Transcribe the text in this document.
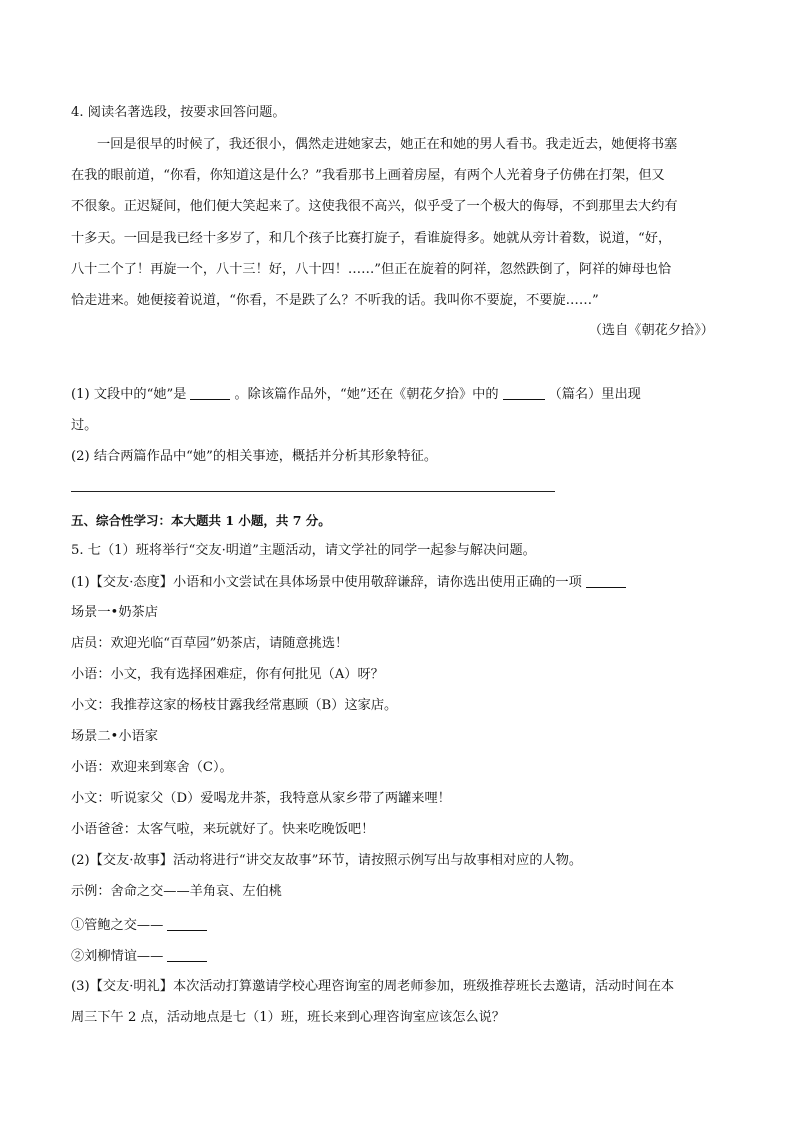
4. 阅读名著选段，按要求回答问题。
一回是很早的时候了，我还很小，偶然走进她家去，她正在和她的男人看书。我走近去，她便将书塞
在我的眼前道，“你看，你知道这是什么？”我看那书上画着房屋，有两个人光着身子仿佛在打架，但又
不很象。正迟疑间，他们便大笑起来了。这使我很不高兴，似乎受了一个极大的侮辱，不到那里去大约有
十多天。一回是我已经十多岁了，和几个孩子比赛打旋子，看谁旋得多。她就从旁计着数，说道，“好，
八十二个了！再旋一个，八十三！好，八十四！……”但正在旋着的阿祥，忽然跌倒了，阿祥的婶母也恰
恰走进来。她便接着说道，“你看，不是跌了么？不听我的话。我叫你不要旋，不要旋……”
（选自《朝花夕拾》）
(1) 文段中的“她”是	。除该篇作品外，“她”还在《朝花夕拾》中的	（篇名）里出现
过。
(2) 结合两篇作品中“她”的相关事迹，概括并分析其形象特征。
五、综合性学习：本大题共 1 小题，共 7 分。
5. 七（1）班将举行“交友·明道”主题活动，请文学社的同学一起参与解决问题。
(1)【交友·态度】小语和小文尝试在具体场景中使用敬辞谦辞，请你选出使用正确的一项
场景一•奶茶店
店员：欢迎光临“百草园”奶茶店，请随意挑选！
小语：小文，我有选择困难症，你有何批见（A）呀？
小文：我推荐这家的杨枝甘露我经常惠顾（B）这家店。
场景二•小语家
小语：欢迎来到寒舍（C）。
小文：听说家父（D）爱喝龙井茶，我特意从家乡带了两罐来哩！
小语爸爸：太客气啦，来玩就好了。快来吃晚饭吧！
(2)【交友·故事】活动将进行“讲交友故事”环节，请按照示例写出与故事相对应的人物。
示例：舍命之交——羊角哀、左伯桃
①管鲍之交——
②刘柳情谊——
(3)【交友·明礼】本次活动打算邀请学校心理咨询室的周老师参加，班级推荐班长去邀请，活动时间在本
周三下午 2 点，活动地点是七（1）班，班长来到心理咨询室应该怎么说？
